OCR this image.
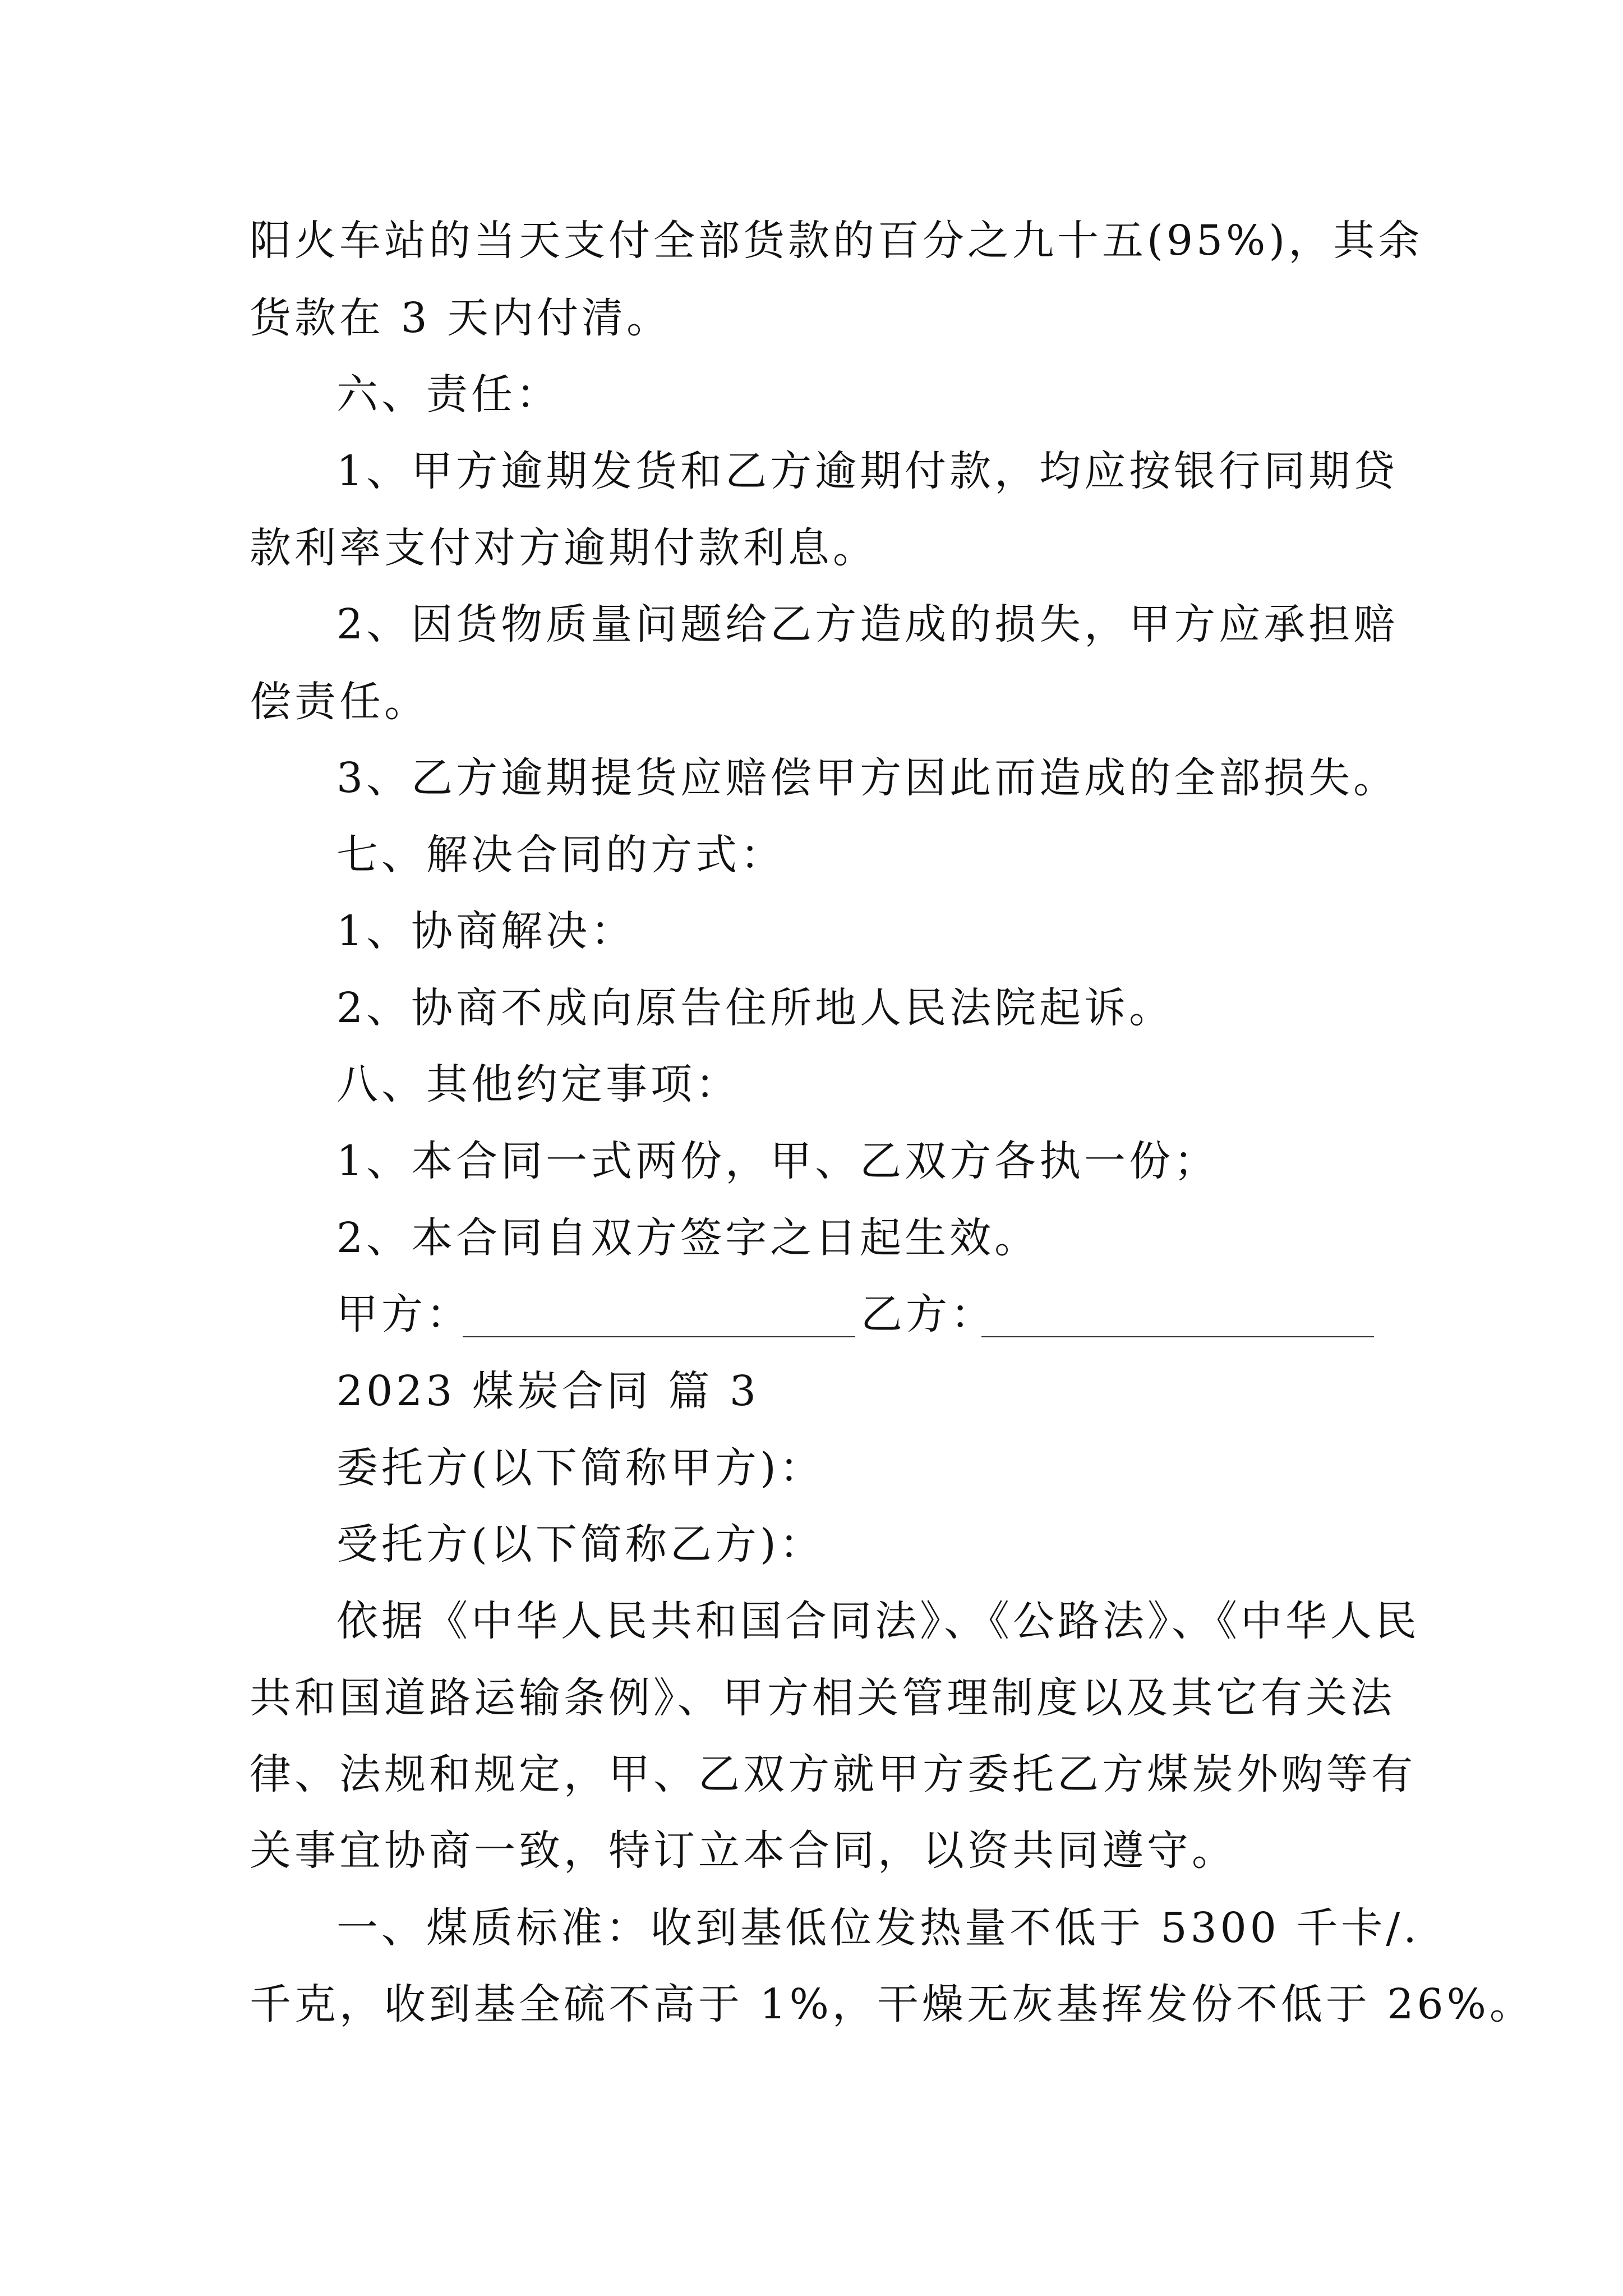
阳火车站的当天支付全部货款的百分之九十五(95%)，其余
货款在 3 天内付清。
六、责任：
1、甲方逾期发货和乙方逾期付款，均应按银行同期贷
款利率支付对方逾期付款利息。
2、因货物质量问题给乙方造成的损失，甲方应承担赔
偿责任。
3、乙方逾期提货应赔偿甲方因此而造成的全部损失。
七、解决合同的方式：
1、协商解决：
2、协商不成向原告住所地人民法院起诉。
八、其他约定事项：
1、本合同一式两份，甲、乙双方各执一份；
2、本合同自双方签字之日起生效。
甲方：	乙方：
2023 煤炭合同 篇 3
委托方(以下简称甲方)：
受托方(以下简称乙方)：
依据《中华人民共和国合同法》、《公路法》、《中华人民
共和国道路运输条例》、甲方相关管理制度以及其它有关法
律、法规和规定，甲、乙双方就甲方委托乙方煤炭外购等有
关事宜协商一致，特订立本合同，以资共同遵守。
一、煤质标准：收到基低位发热量不低于 5300 千卡/.
千克，收到基全硫不高于 1%，干燥无灰基挥发份不低于 26%。
